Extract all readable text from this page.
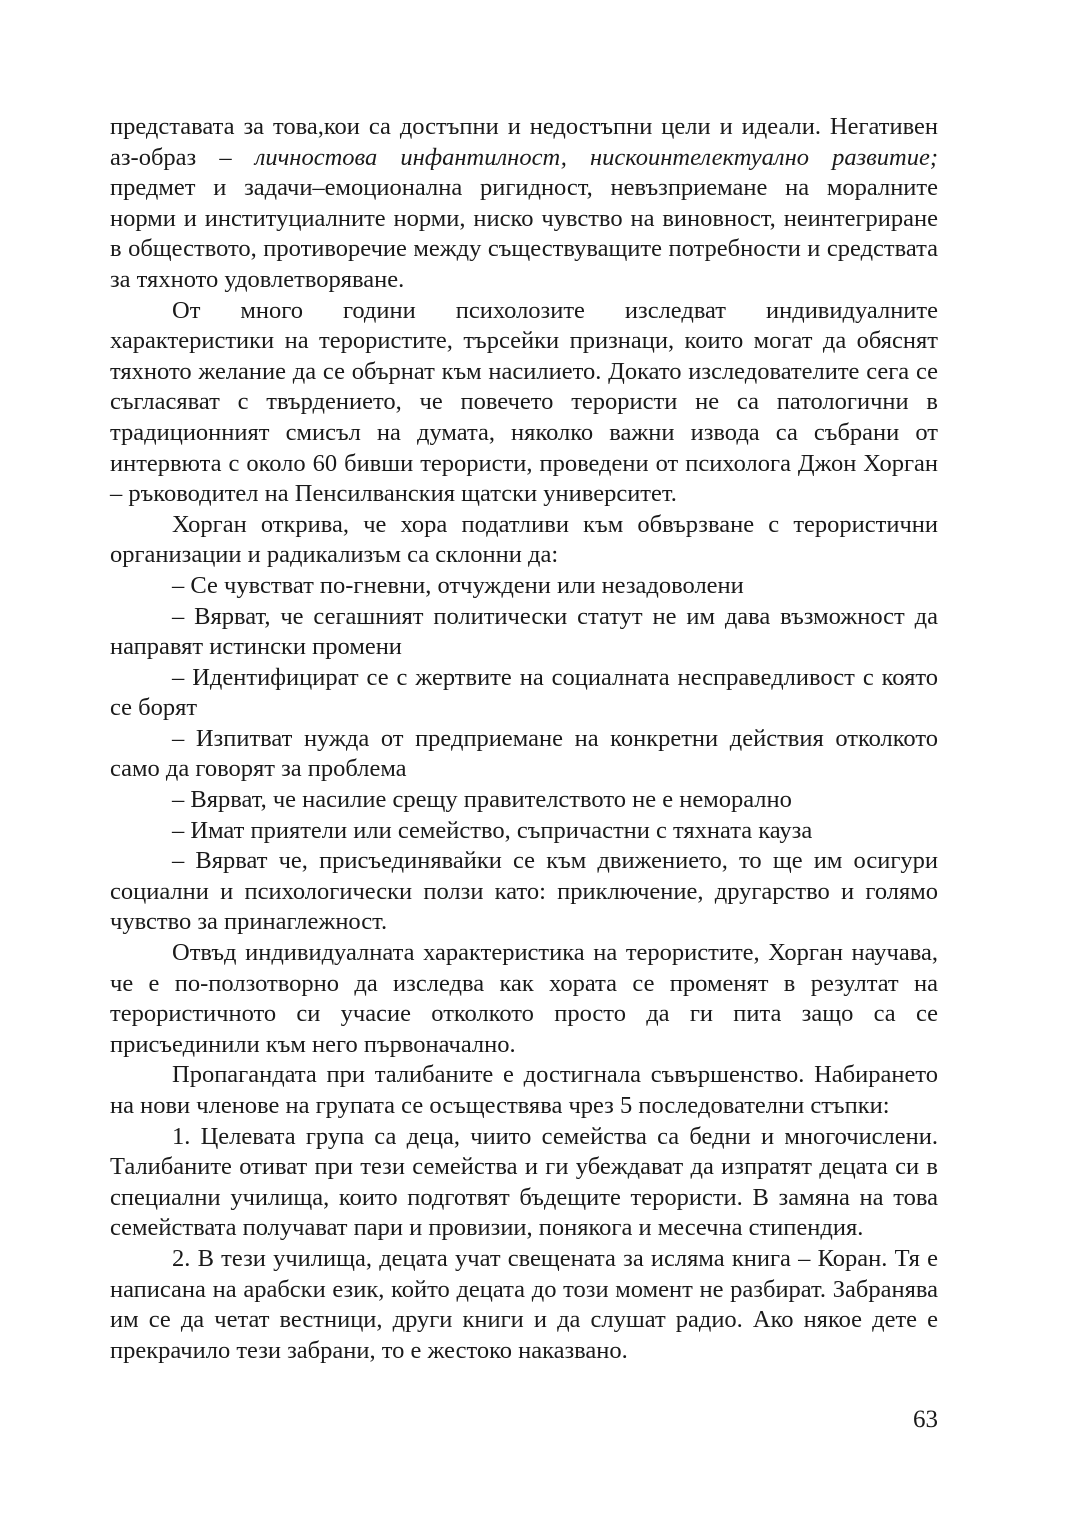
представата за това,кои са достъпни и недостъпни цели и идеали. Негативен аз-образ – личностова инфантилност, нискоинтелектуално развитие; предмет и задачи–емоционална ригидност, невъзприемане на моралните норми и институциалните норми, ниско чувство на виновност, неинтегриране в обществото, противоречие между съществуващите потребности и средствата за тяхното удовлетворяване.

От много години психолозите изследват индивидуалните характеристики на терористите, търсейки признаци, които могат да обяснят тяхното желание да се обърнат към насилието. Докато изследователите сега се съгласяват с твърдението, че повечето терористи не са патологични в традиционният смисъл на думата, няколко важни извода са събрани от интервюта с около 60 бивши терористи, проведени от психолога Джон Хорган – ръководител на Пенсилванския щатски университет.

Хорган открива, че хора податливи към обвързване с терористични организации и радикализъм са склонни да:

– Се чувстват по-гневни, отчуждени или незадоволени

– Вярват, че сегашният политически статут не им дава възможност да направят истински промени

– Идентифицират се с жертвите на социалната несправедливост с която се борят

– Изпитват нужда от предприемане на конкретни действия отколкото само да говорят за проблема

– Вярват, че насилие срещу правителството не е неморално

– Имат приятели или семейство, съпричастни с тяхната кауза

– Вярват че, присъединявайки се към движението, то ще им осигури социални и психологически ползи като: приключение, другарство и голямо чувство за принаглежност.

Отвъд индивидуалната характеристика на терористите, Хорган научава, че е по-ползотворно да изследва как хората се променят в резултат на терористичното си учасие отколкото просто да ги пита защо са се присъединили към него първоначално.

Пропагандата при талибаните е достигнала съвършенство. Набирането на нови членове на групата се осъществява чрез 5 последователни стъпки:

1. Целевата група са деца, чиито семейства са бедни и многочислени. Талибаните отиват при тези семейства и ги убеждават да изпратят децата си в специални училища, които подготвят бъдещите терористи. В замяна на това семействата получават пари и провизии, понякога и месечна стипендия.

2. В тези училища, децата учат свещената за исляма книга – Коран. Тя е написана на арабски език, който децата до този момент не разбират. Забранява им се да четат вестници, други книги и да слушат радио. Ако някое дете е прекрачило тези забрани, то е жестоко наказвано.

63
